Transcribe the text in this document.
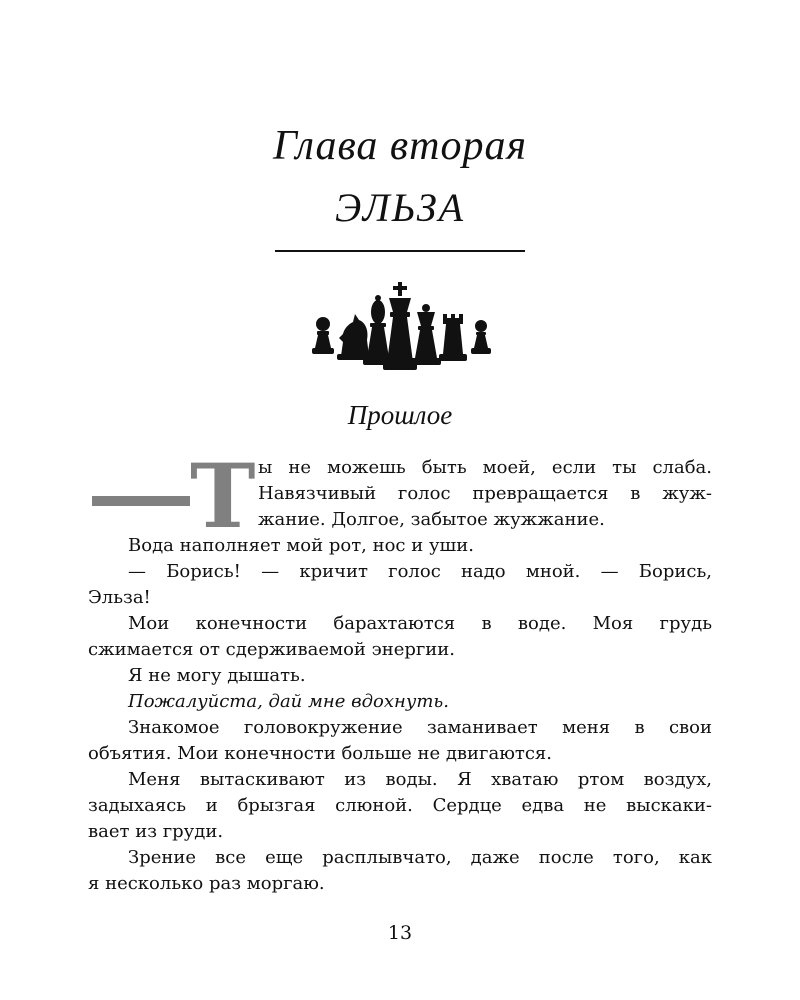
Глава вторая
ЭЛЬЗА
Прошлое
Т ы не можешь быть моей, если ты слаба.
Навязчивый голос превращается в жуж-
жание. Долгое, забытое жужжание.
Вода наполняет мой рот, нос и уши.
— Борись! — кричит голос надо мной. — Борись,
Эльза!
Мои конечности барахтаются в воде. Моя грудь
сжимается от сдерживаемой энергии.
Я не могу дышать.
Пожалуйста, дай мне вдохнуть.
Знакомое головокружение заманивает меня в свои
объятия. Мои конечности больше не двигаются.
Меня вытаскивают из воды. Я хватаю ртом воздух,
задыхаясь и брызгая слюной. Сердце едва не выскаки-
вает из груди.
Зрение все еще расплывчато, даже после того, как
я несколько раз моргаю.
13
